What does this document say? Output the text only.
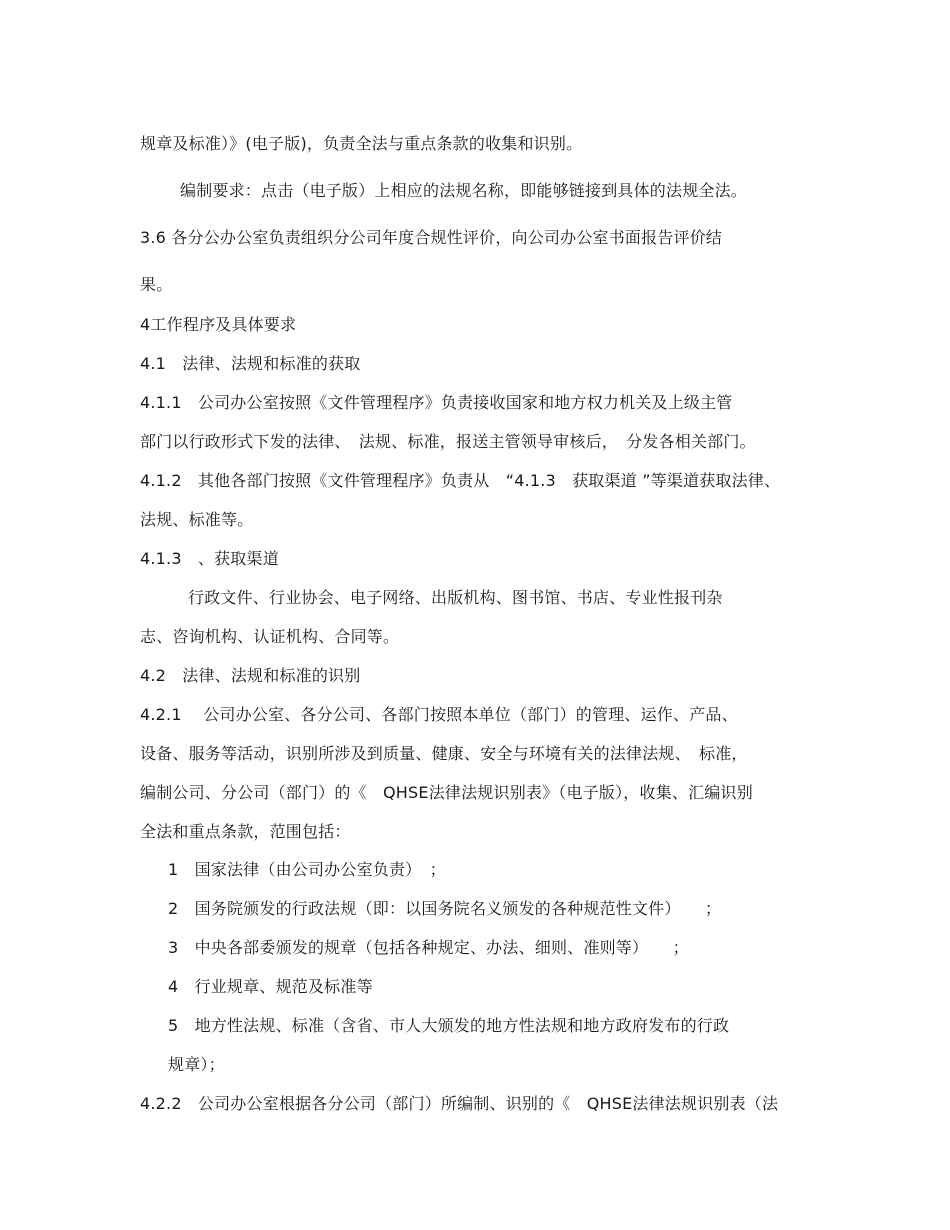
规章及标准）》(电子版)，负责全法与重点条款的收集和识别。
编制要求：点击（电子版）上相应的法规名称，即能够链接到具体的法规全法。
3.6 各分公办公室负责组织分公司年度合规性评价，向公司办公室书面报告评价结
果。
4工作程序及具体要求
4.1　法律、法规和标准的获取
4.1.1　公司办公室按照《文件管理程序》负责接收国家和地方权力机关及上级主管
部门以行政形式下发的法律、　法规、标准，报送主管领导审核后，　分发各相关部门。
4.1.2　其他各部门按照《文件管理程序》负责从　“4.1.3　获取渠道 ”等渠道获取法律、
法规、标准等。
4.1.3　、获取渠道
行政文件、行业协会、电子网络、出版机构、图书馆、书店、专业性报刊杂
志、咨询机构、认证机构、合同等。
4.2　法律、法规和标准的识别
4.2.1　 公司办公室、各分公司、各部门按照本单位（部门）的管理、运作、产品、
设备、服务等活动，识别所涉及到质量、健康、安全与环境有关的法律法规、　标准，
编制公司、分公司（部门）的《　QHSE法律法规识别表》（电子版），收集、汇编识别
全法和重点条款，范围包括：
1　国家法律（由公司办公室负责）　；
2　国务院颁发的行政法规（即：以国务院名义颁发的各种规范性文件）　　；
3　中央各部委颁发的规章（包括各种规定、办法、细则、准则等）　　；
4　行业规章、规范及标准等
5　地方性法规、标准（含省、市人大颁发的地方性法规和地方政府发布的行政
规章）；
4.2.2　公司办公室根据各分公司（部门）所编制、识别的《　QHSE法律法规识别表（法
